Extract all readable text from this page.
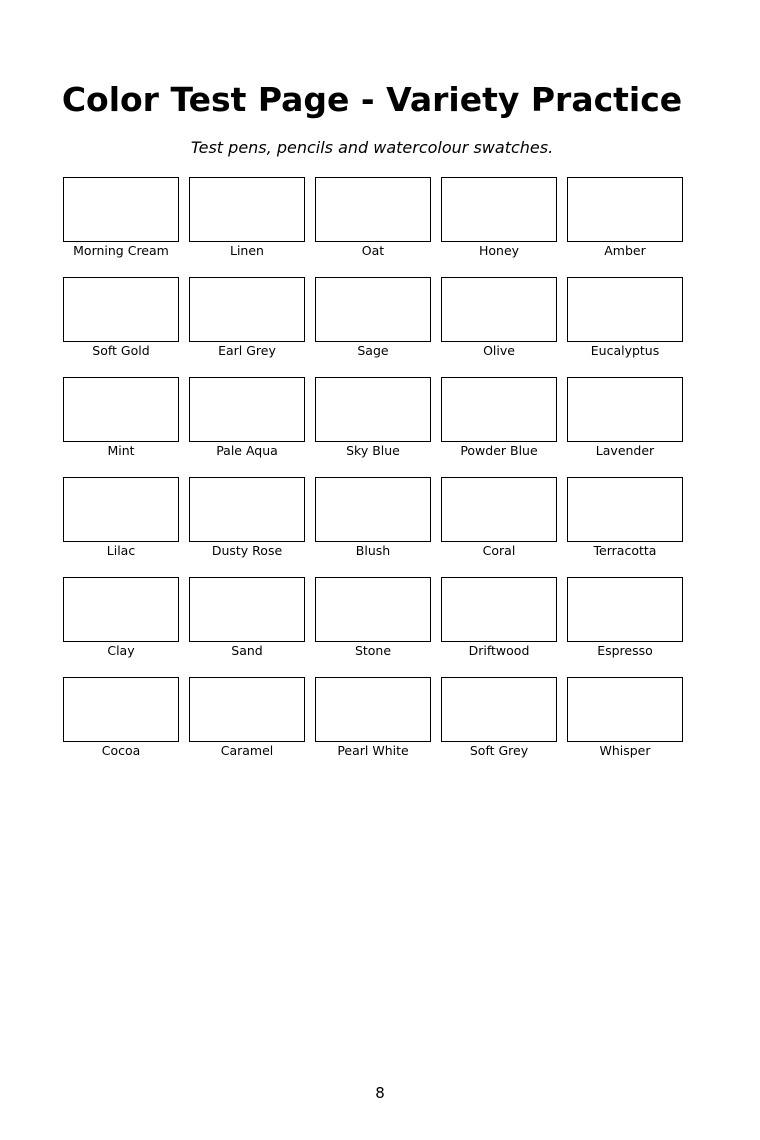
Color Test Page - Variety Practice

Test pens, pencils and watercolour swatches.

Morning Cream	Linen	Oat	Honey	Amber
Soft Gold	Earl Grey	Sage	Olive	Eucalyptus
Mint	Pale Aqua	Sky Blue	Powder Blue	Lavender
Lilac	Dusty Rose	Blush	Coral	Terracotta
Clay	Sand	Stone	Driftwood	Espresso
Cocoa	Caramel	Pearl White	Soft Grey	Whisper
8
